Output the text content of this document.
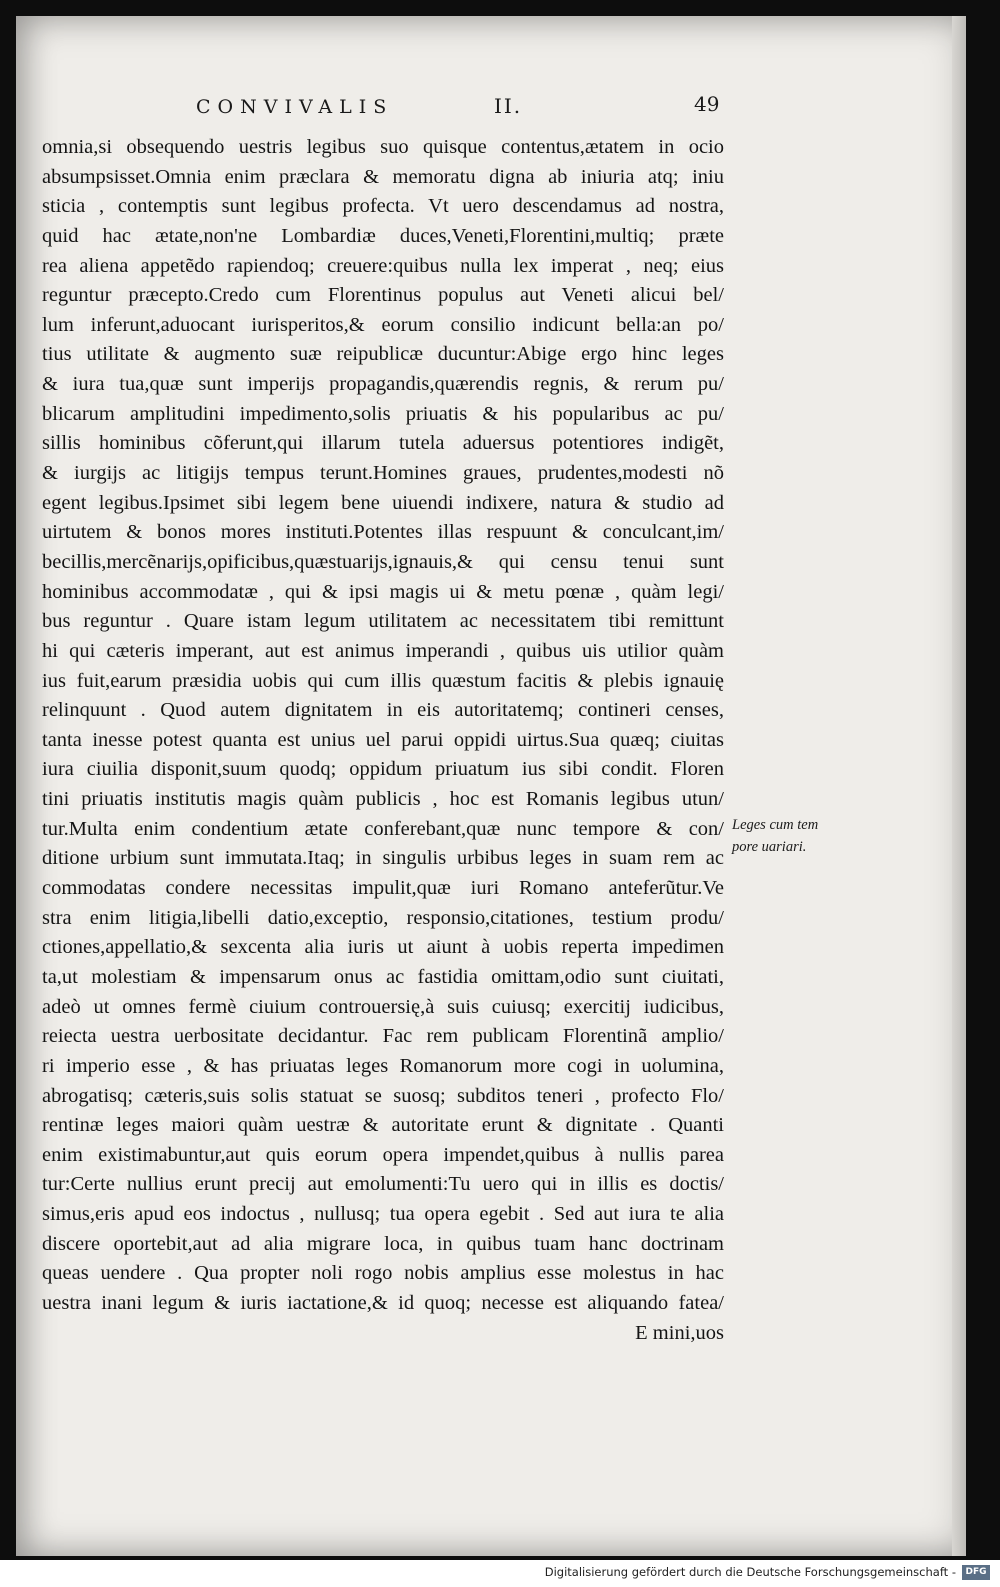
CONVIVALIS	II.	49
omnia,si obsequendo uestris legibus suo quisque contentus,ætatem in ocio
absumpsisset.Omnia enim præclara & memoratu digna ab iniuria atq; iniu
sticia , contemptis sunt legibus profecta. Vt uero descendamus ad nostra,
quid hac ætate,non'ne Lombardiæ duces,Veneti,Florentini,multiq; præte
rea aliena appetẽdo rapiendoq; creuere:quibus nulla lex imperat , neq; eius
reguntur præcepto.Credo cum Florentinus populus aut Veneti alicui bel/
lum inferunt,aduocant iurisperitos,& eorum consilio indicunt bella:an po/
tius utilitate & augmento suæ reipublicæ ducuntur:Abige ergo hinc leges
& iura tua,quæ sunt imperijs propagandis,quærendis regnis, & rerum pu/
blicarum amplitudini impedimento,solis priuatis & his popularibus ac pu/
sillis hominibus cõferunt,qui illarum tutela aduersus potentiores indigẽt,
& iurgijs ac litigijs tempus terunt.Homines graues, prudentes,modesti nõ
egent legibus.Ipsimet sibi legem bene uiuendi indixere, natura & studio ad
uirtutem & bonos mores instituti.Potentes illas respuunt & conculcant,im/
becillis,mercẽnarijs,opificibus,quæstuarijs,ignauis,& qui censu tenui sunt
hominibus accommodatæ , qui & ipsi magis ui & metu pœnæ , quàm legi/
bus reguntur . Quare istam legum utilitatem ac necessitatem tibi remittunt
hi qui cæteris imperant, aut est animus imperandi , quibus uis utilior quàm
ius fuit,earum præsidia uobis qui cum illis quæstum facitis & plebis ignauię
relinquunt . Quod autem dignitatem in eis autoritatemq; contineri censes,
tanta inesse potest quanta est unius uel parui oppidi uirtus.Sua quæq; ciuitas
iura ciuilia disponit,suum quodq; oppidum priuatum ius sibi condit. Floren
tini priuatis institutis magis quàm publicis , hoc est Romanis legibus utun/
tur.Multa enim condentium ætate conferebant,quæ nunc tempore & con/
ditione urbium sunt immutata.Itaq; in singulis urbibus leges in suam rem ac
commodatas condere necessitas impulit,quæ iuri Romano anteferũtur.Ve
stra enim litigia,libelli datio,exceptio, responsio,citationes, testium produ/
ctiones,appellatio,& sexcenta alia iuris ut aiunt à uobis reperta impedimen
ta,ut molestiam & impensarum onus ac fastidia omittam,odio sunt ciuitati,
adeò ut omnes fermè ciuium controuersię,à suis cuiusq; exercitij iudicibus,
reiecta uestra uerbositate decidantur. Fac rem publicam Florentinã amplio/
ri imperio esse , & has priuatas leges Romanorum more cogi in uolumina,
abrogatisq; cæteris,suis solis statuat se suosq; subditos teneri , profecto Flo/
rentinæ leges maiori quàm uestræ & autoritate erunt & dignitate . Quanti
enim existimabuntur,aut quis eorum opera impendet,quibus à nullis parea
tur:Certe nullius erunt precij aut emolumenti:Tu uero qui in illis es doctis/
simus,eris apud eos indoctus , nullusq; tua opera egebit . Sed aut iura te alia
discere oportebit,aut ad alia migrare loca, in quibus tuam hanc doctrinam
queas uendere . Qua propter noli rogo nobis amplius esse molestus in hac
uestra inani legum & iuris iactatione,& id quoq; necesse est aliquando fatea/
E mini,uos
Leges cum tem
pore uariari.
Digitalisierung gefördert durch die Deutsche Forschungsgemeinschaft -	DFG
